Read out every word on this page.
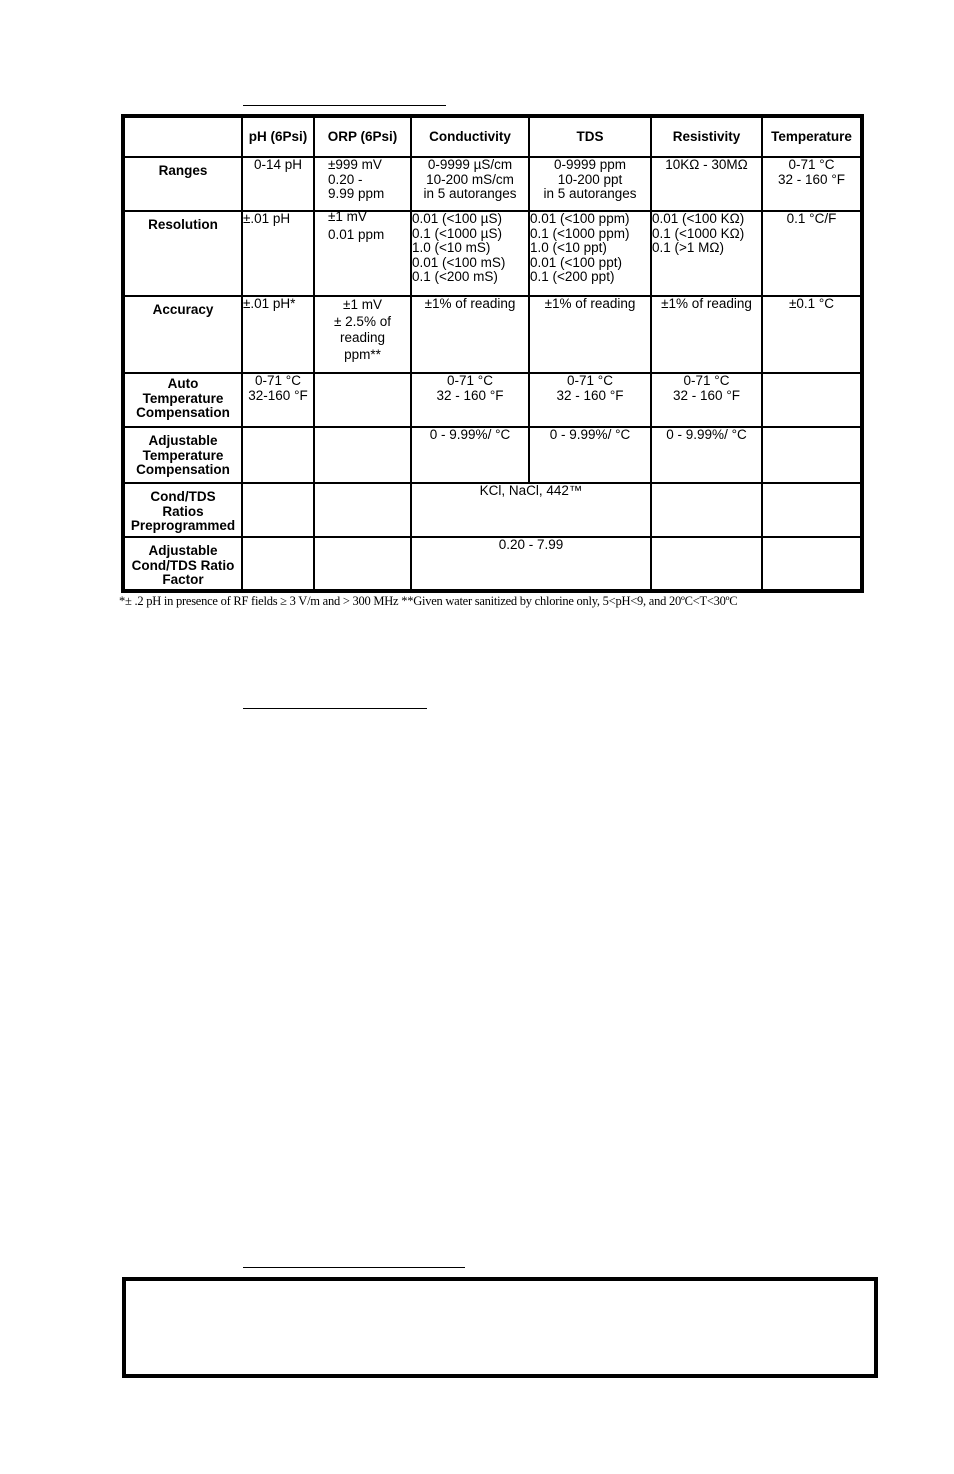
	pH (6Psi)	ORP (6Psi)	Conductivity	TDS	Resistivity	Temperature
Ranges	0-14 pH	±999 mV
0.20 -
9.99 ppm	0-9999 µS/cm
10-200 mS/cm
in 5 autoranges	0-9999 ppm
10-200 ppt
in 5 autoranges	10KΩ - 30MΩ	0-71 °C
32 - 160 °F
Resolution	±.01 pH	±1 mV

0.01 ppm	0.01 (<100 µS)
0.1 (<1000 µS)
1.0 (<10 mS)
0.01 (<100 mS)
0.1 (<200 mS)	0.01 (<100 ppm)
0.1 (<1000 ppm)
1.0 (<10 ppt)
0.01 (<100 ppt)
0.1 (<200 ppt)	0.01 (<100 KΩ)
0.1 (<1000 KΩ)
0.1 (>1 MΩ)	0.1 °C/F
Accuracy	±.01 pH*	±1 mV
± 2.5% of
reading
ppm**	±1% of reading	±1% of reading	±1% of reading	±0.1 °C
Auto
Temperature
Compensation	0-71 °C
32-160 °F		0-71 °C
32 - 160 °F	0-71 °C
32 - 160 °F	0-71 °C
32 - 160 °F	
Adjustable
Temperature
Compensation			0 - 9.99%/ °C	0 - 9.99%/ °C	0 - 9.99%/ °C	
Cond/TDS
Ratios
Preprogrammed			KCl, NaCl, 442™			
Adjustable
Cond/TDS Ratio
Factor			0.20 - 7.99			
*± .2 pH in presence of RF fields ≥ 3 V/m and > 300 MHz **Given water sanitized by chlorine only, 5<pH<9, and 20ºC<T<30ºC
